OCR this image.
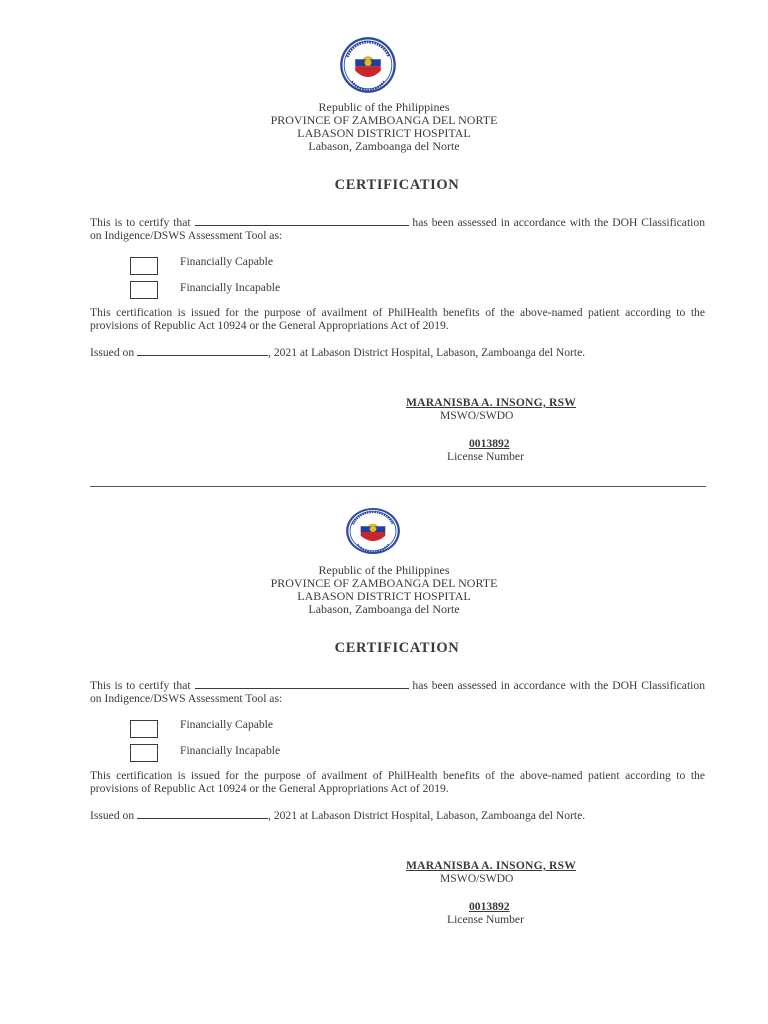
Republic of the Philippines
PROVINCE OF ZAMBOANGA DEL NORTE
LABASON DISTRICT HOSPITAL
Labason, Zamboanga del Norte
CERTIFICATION
This is to certify that	has been assessed in accordance with the DOH Classification on Indigence/DSWS Assessment Tool as:
Financially Capable
Financially Incapable
This certification is issued for the purpose of availment of PhilHealth benefits of the above-named patient according to the provisions of Republic Act 10924 or the General Appropriations Act of 2019.
Issued on	, 2021 at Labason District Hospital, Labason, Zamboanga del Norte.
MARANISBA A. INSONG, RSW
MSWO/SWDO
0013892
License Number
Republic of the Philippines
PROVINCE OF ZAMBOANGA DEL NORTE
LABASON DISTRICT HOSPITAL
Labason, Zamboanga del Norte
CERTIFICATION
This is to certify that	has been assessed in accordance with the DOH Classification on Indigence/DSWS Assessment Tool as:
Financially Capable
Financially Incapable
This certification is issued for the purpose of availment of PhilHealth benefits of the above-named patient according to the provisions of Republic Act 10924 or the General Appropriations Act of 2019.
Issued on	, 2021 at Labason District Hospital, Labason, Zamboanga del Norte.
MARANISBA A. INSONG, RSW
MSWO/SWDO
0013892
License Number
